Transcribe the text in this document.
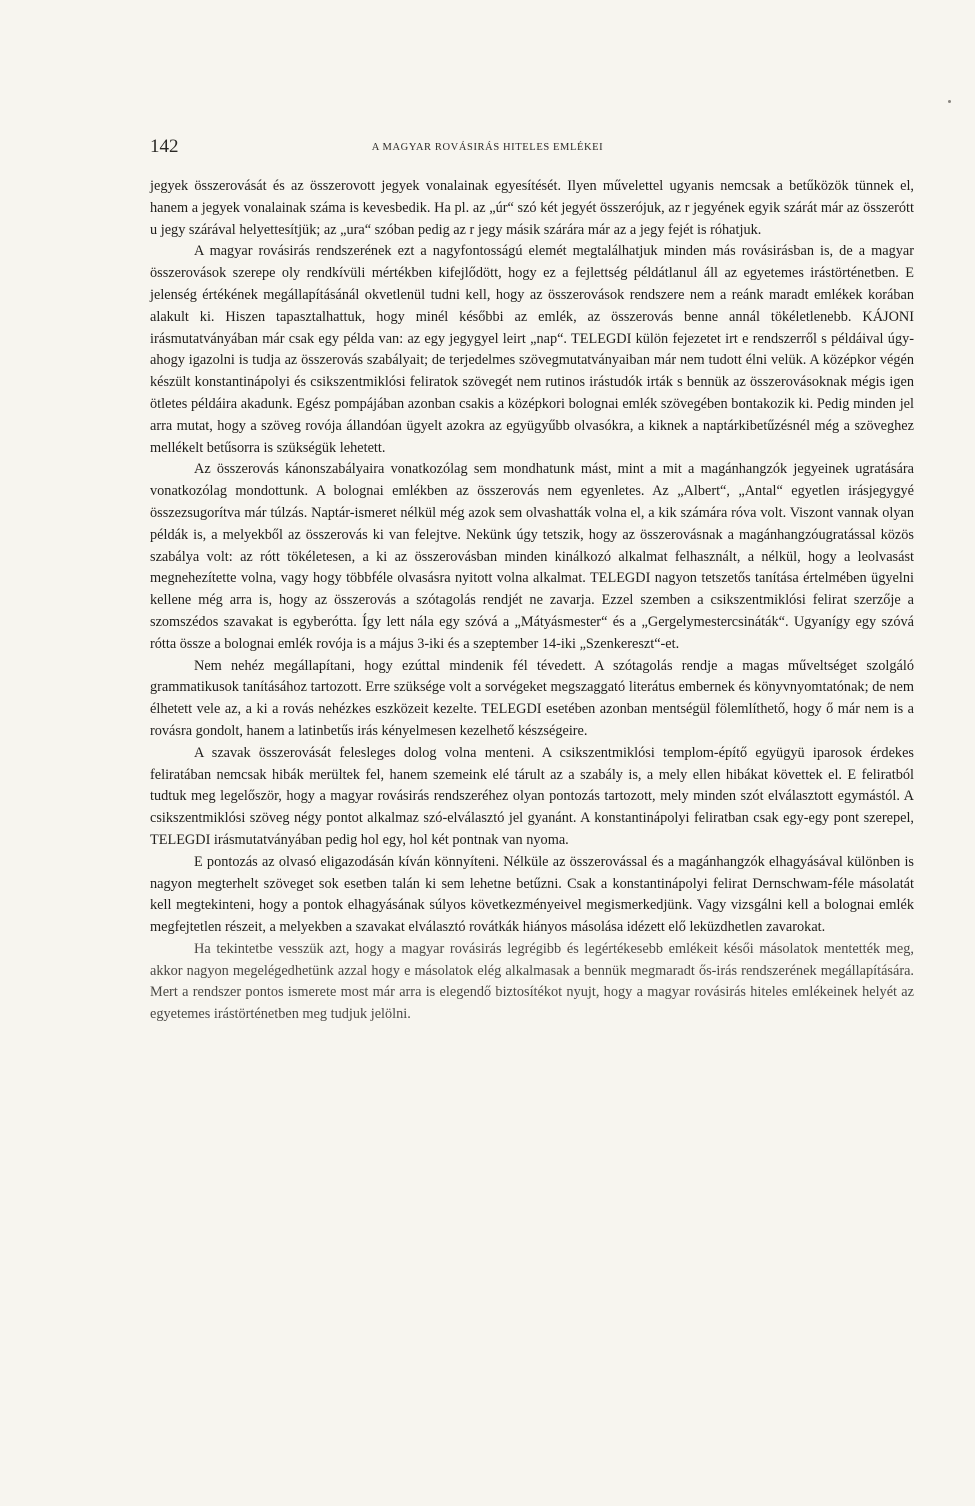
142	A MAGYAR ROVÁSIRÁS HITELES EMLÉKEI

jegyek összerovását és az összerovott jegyek vonalainak egyesítését. Ilyen művelettel ugyanis nemcsak a betűközök tünnek el, hanem a jegyek vonalainak száma is kevesbedik. Ha pl. az „úr“ szó két jegyét összerójuk, az r jegyének egyik szárát már az összerótt u jegy szárával helyettesítjük; az „ura“ szóban pedig az r jegy másik szárára már az a jegy fejét is róhatjuk.

A magyar rovásirás rendszerének ezt a nagyfontosságú elemét megtalálhatjuk minden más rovásirásban is, de a magyar összerovások szerepe oly rendkívüli mértékben kifejlődött, hogy ez a fejlettség példátlanul áll az egyetemes irástörténetben. E jelenség értékének megállapításánál okvetlenül tudni kell, hogy az összerovások rendszere nem a reánk maradt emlékek korában alakult ki. Hiszen tapasztalhattuk, hogy minél későbbi az emlék, az összerovás benne annál tökéletlenebb. KÁJONI irásmutatványában már csak egy példa van: az egy jegygyel leirt „nap“. TELEGDI külön fejezetet irt e rendszerről s példáival úgy-ahogy igazolni is tudja az összerovás szabályait; de terjedelmes szövegmutatványaiban már nem tudott élni velük. A középkor végén készült konstantinápolyi és csikszentmiklósi feliratok szövegét nem rutinos irástudók irták s bennük az összerovásoknak mégis igen ötletes példáira akadunk. Egész pompájában azonban csakis a középkori bolognai emlék szövegében bontakozik ki. Pedig minden jel arra mutat, hogy a szöveg rovója állandóan ügyelt azokra az együgyűbb olvasókra, a kiknek a naptárkibetűzésnél még a szöveghez mellékelt betűsorra is szükségük lehetett.

Az összerovás kánonszabályaira vonatkozólag sem mondhatunk mást, mint a mit a magánhangzók jegyeinek ugratására vonatkozólag mondottunk. A bolognai emlékben az összerovás nem egyenletes. Az „Albert“, „Antal“ egyetlen irásjegygyé összezsugorítva már túlzás. Naptár-ismeret nélkül még azok sem olvashatták volna el, a kik számára róva volt. Viszont vannak olyan példák is, a melyekből az összerovás ki van felejtve. Nekünk úgy tetszik, hogy az összerovásnak a magánhangzóugratással közös szabálya volt: az rótt tökéletesen, a ki az összerovásban minden kinálkozó alkalmat felhasznált, a nélkül, hogy a leolvasást megnehezítette volna, vagy hogy többféle olvasásra nyitott volna alkalmat. TELEGDI nagyon tetszetős tanítása értelmében ügyelni kellene még arra is, hogy az összerovás a szótagolás rendjét ne zavarja. Ezzel szemben a csikszentmiklósi felirat szerzője a szomszédos szavakat is egyberótta. Így lett nála egy szóvá a „Mátyásmester“ és a „Gergelymestercsináták“. Ugyanígy egy szóvá rótta össze a bolognai emlék rovója is a május 3-iki és a szeptember 14-iki „Szenkereszt“-et.

Nem nehéz megállapítani, hogy ezúttal mindenik fél tévedett. A szótagolás rendje a magas műveltséget szolgáló grammatikusok tanításához tartozott. Erre szüksége volt a sorvégeket megszaggató literátus embernek és könyvnyomtatónak; de nem élhetett vele az, a ki a rovás nehézkes eszközeit kezelte. TELEGDI esetében azonban mentségül fölemlíthető, hogy ő már nem is a rovásra gondolt, hanem a latinbetűs irás kényelmesen kezelhető készségeire.

A szavak összerovását felesleges dolog volna menteni. A csikszentmiklósi templom-építő együgyü iparosok érdekes feliratában nemcsak hibák merültek fel, hanem szemeink elé tárult az a szabály is, a mely ellen hibákat követtek el. E feliratból tudtuk meg legelőször, hogy a magyar rovásirás rendszeréhez olyan pontozás tartozott, mely minden szót elválasztott egymástól. A csikszentmiklósi szöveg négy pontot alkalmaz szó-elválasztó jel gyanánt. A konstantinápolyi feliratban csak egy-egy pont szerepel, TELEGDI irásmutatványában pedig hol egy, hol két pontnak van nyoma.

E pontozás az olvasó eligazodásán kíván könnyíteni. Nélküle az összerovással és a magánhangzók elhagyásával különben is nagyon megterhelt szöveget sok esetben talán ki sem lehetne betűzni. Csak a konstantinápolyi felirat Dernschwam-féle másolatát kell megtekinteni, hogy a pontok elhagyásának súlyos következményeivel megismerkedjünk. Vagy vizsgálni kell a bolognai emlék megfejtetlen részeit, a melyekben a szavakat elválasztó rovátkák hiányos másolása idézett elő leküzdhetlen zavarokat.

Ha tekintetbe vesszük azt, hogy a magyar rovásirás legrégibb és legértékesebb emlékeit késői másolatok mentették meg, akkor nagyon megelégedhetünk azzal hogy e másolatok elég alkalmasak a bennük megmaradt ős-irás rendszerének megállapítására. Mert a rendszer pontos ismerete most már arra is elegendő biztosítékot nyujt, hogy a magyar rovásirás hiteles emlékeinek helyét az egyetemes irástörténetben meg tudjuk jelölni.
